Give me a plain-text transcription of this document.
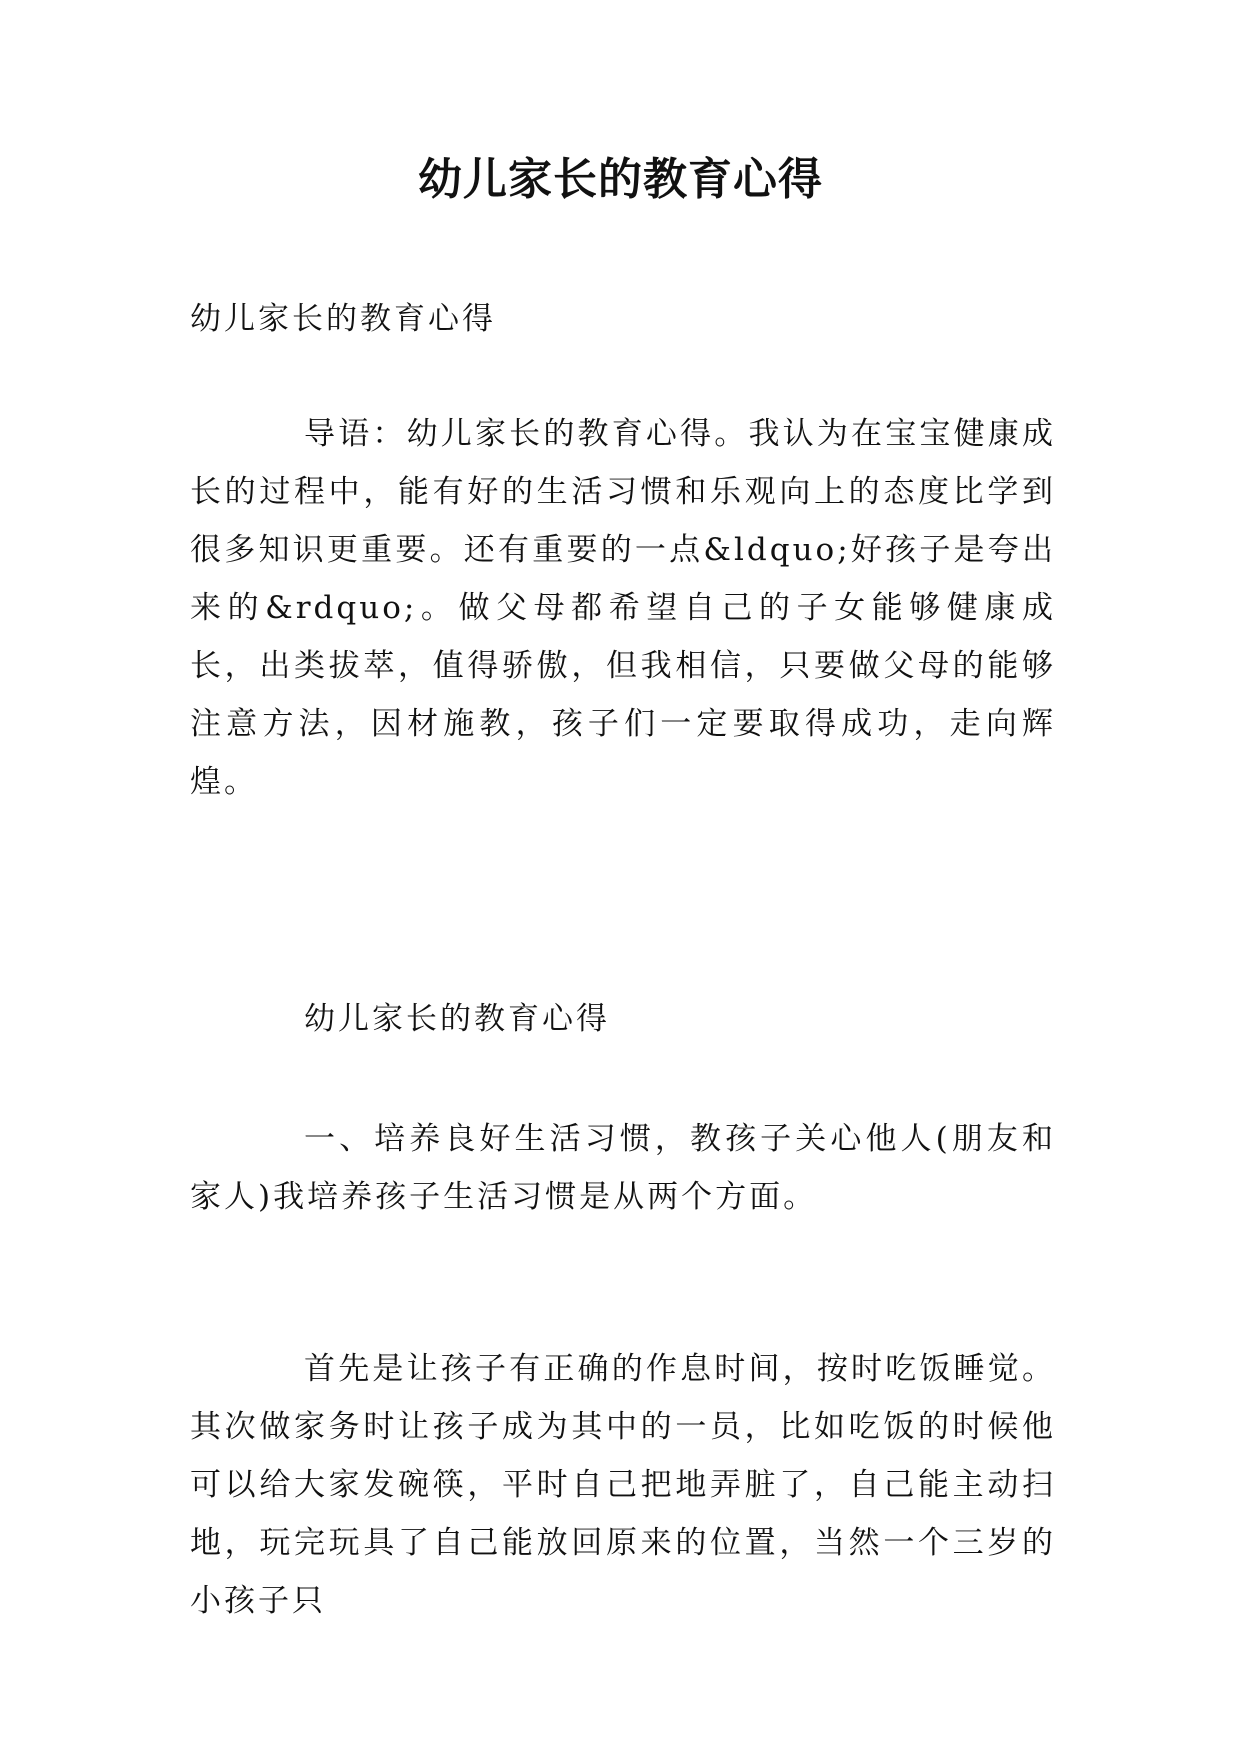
幼儿家长的教育心得

幼儿家长的教育心得

导语：幼儿家长的教育心得。我认为在宝宝健康成长的过程中，能有好的生活习惯和乐观向上的态度比学到很多知识更重要。还有重要的一点&ldquo;好孩子是夸出来的&rdquo;。做父母都希望自己的子女能够健康成长，出类拔萃，值得骄傲，但我相信，只要做父母的能够注意方法，因材施教，孩子们一定要取得成功，走向辉煌。

幼儿家长的教育心得

一、培养良好生活习惯，教孩子关心他人(朋友和家人)我培养孩子生活习惯是从两个方面。

首先是让孩子有正确的作息时间，按时吃饭睡觉。其次做家务时让孩子成为其中的一员，比如吃饭的时候他可以给大家发碗筷，平时自己把地弄脏了，自己能主动扫地，玩完玩具了自己能放回原来的位置，当然一个三岁的小孩子只
